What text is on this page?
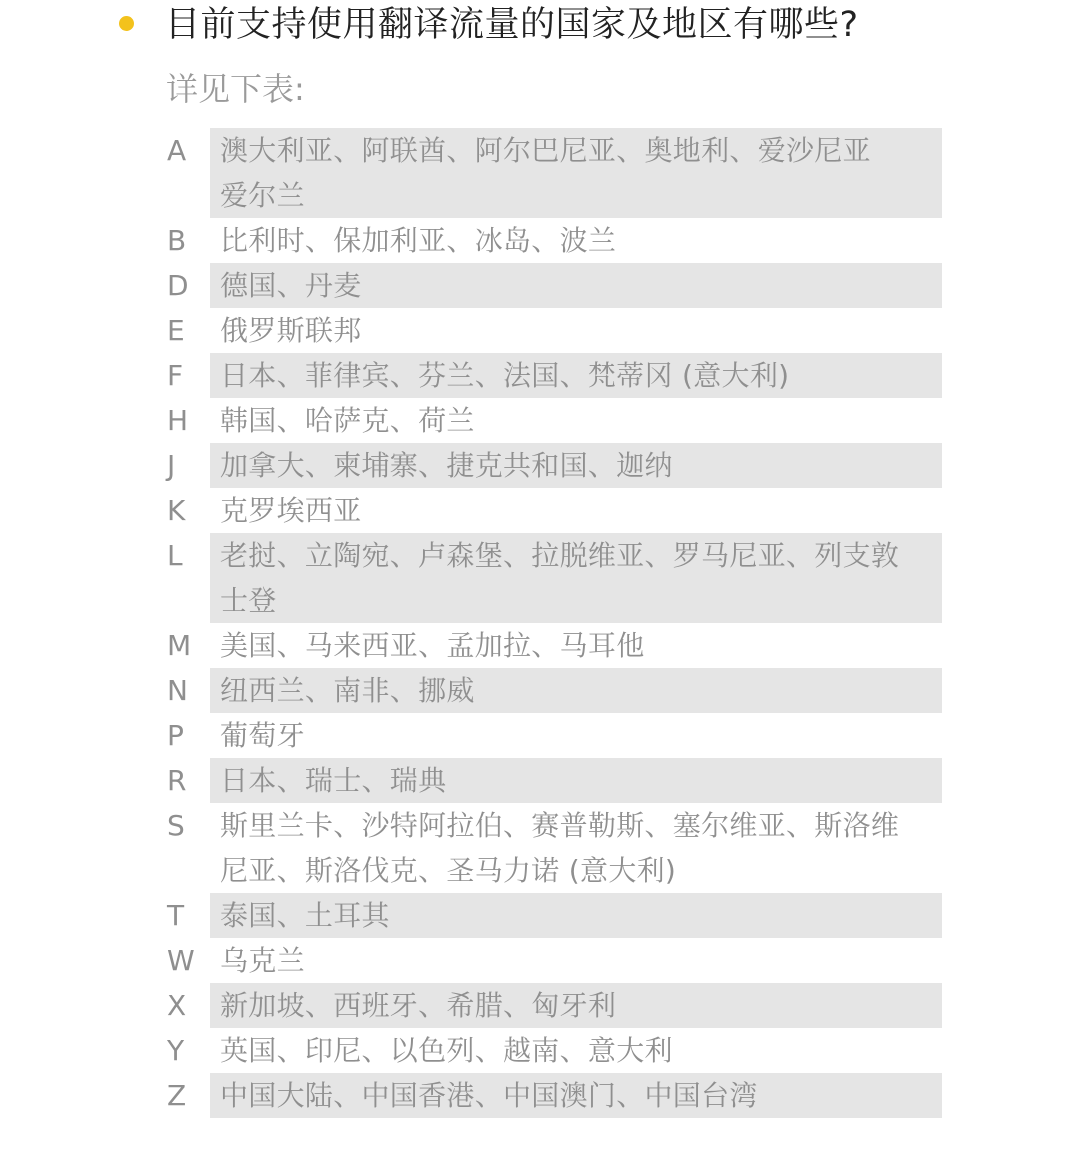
目前支持使用翻译流量的国家及地区有哪些?
详见下表:
A	澳大利亚、阿联酋、阿尔巴尼亚、奥地利、爱沙尼亚
爱尔兰
B	比利时、保加利亚、冰岛、波兰
D	德国、丹麦
E	俄罗斯联邦
F	日本、菲律宾、芬兰、法国、梵蒂冈 (意大利)
H	韩国、哈萨克、荷兰
J	加拿大、柬埔寨、捷克共和国、迦纳
K	克罗埃西亚
L	老挝、立陶宛、卢森堡、拉脱维亚、罗马尼亚、列支敦
士登
M	美国、马来西亚、孟加拉、马耳他
N	纽西兰、南非、挪威
P	葡萄牙
R	日本、瑞士、瑞典
S	斯里兰卡、沙特阿拉伯、赛普勒斯、塞尔维亚、斯洛维
尼亚、斯洛伐克、圣马力诺 (意大利)
T	泰国、土耳其
W 乌克兰
X	新加坡、西班牙、希腊、匈牙利
Y	英国、印尼、以色列、越南、意大利
Z	中国大陆、中国香港、中国澳门、中国台湾
